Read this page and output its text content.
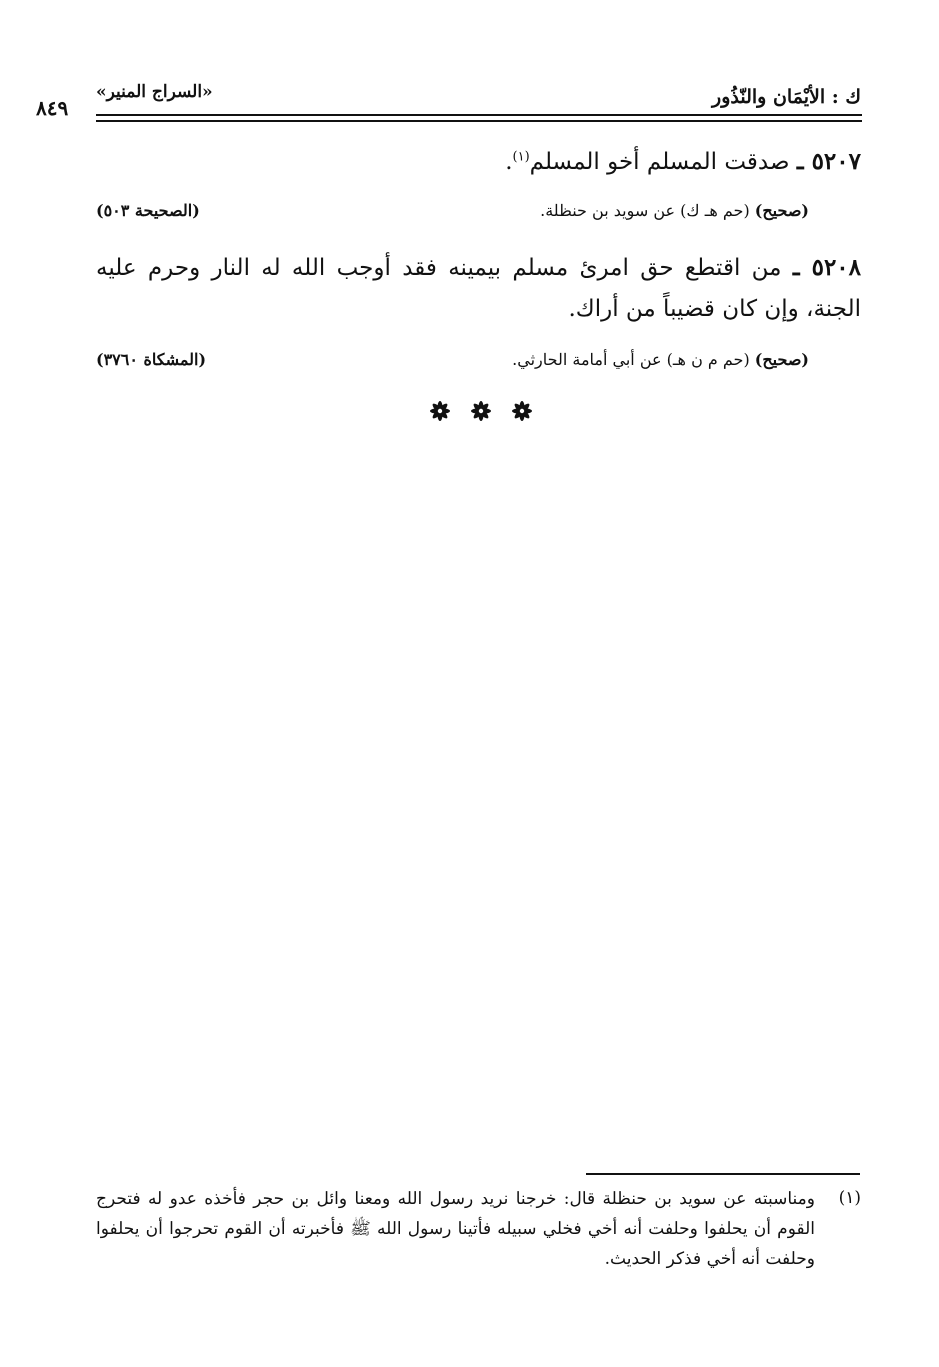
ك : الأيْمَان والنّذُور
«السراج المنير»
٨٤٩
٥٢٠٧ ـ صدقت المسلم أخو المسلم$^{(١)}$.
(صحيح) (حم هـ ك) عن سويد بن حنظلة.
(الصحيحة ٥٠٣)
٥٢٠٨ ـ من اقتطع حق امرئ مسلم بيمينه فقد أوجب الله له النار وحرم عليه الجنة، وإن كان قضيباً من أراك.
(صحيح) (حم م ن هـ) عن أبي أمامة الحارثي.
(المشكاة ٣٧٦٠)
(١)
ومناسبته عن سويد بن حنظلة قال: خرجنا نريد رسول الله ومعنا وائل بن حجر فأخذه عدو له فتحرج القوم أن يحلفوا وحلفت أنه أخي فخلي سبيله فأتينا رسول الله ﷺ فأخبرته أن القوم تحرجوا أن يحلفوا وحلفت أنه أخي فذكر الحديث.
